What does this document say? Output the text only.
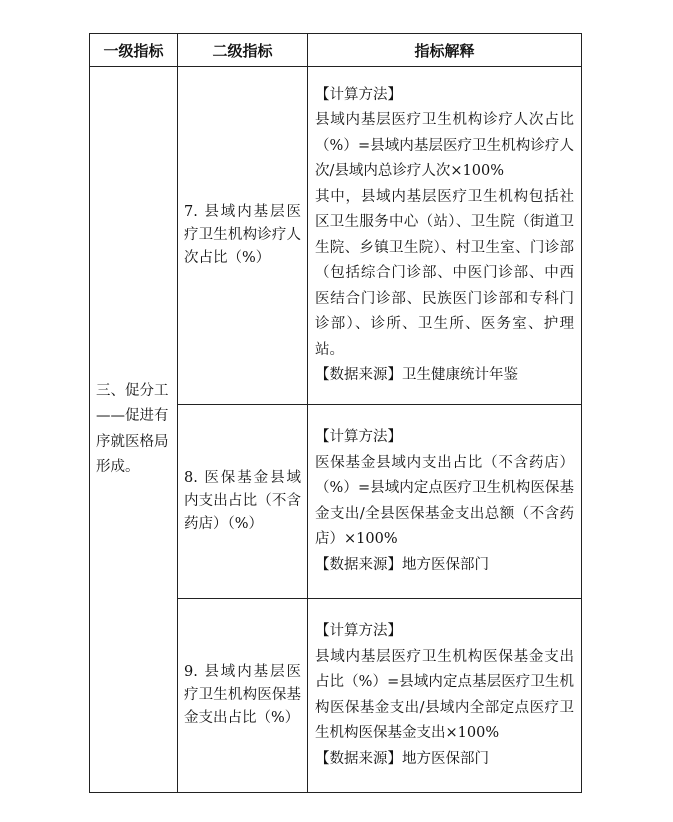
一级指标	二级指标	指标解释
三、促分工——促进有序就医格局形成。	7. 县域内基层医疗卫生机构诊疗人次占比（%）	【计算方法】
县域内基层医疗卫生机构诊疗人次占比（%）=县域内基层医疗卫生机构诊疗人次/县域内总诊疗人次×100%
其中，县域内基层医疗卫生机构包括社区卫生服务中心（站）、卫生院（街道卫生院、乡镇卫生院）、村卫生室、门诊部（包括综合门诊部、中医门诊部、中西医结合门诊部、民族医门诊部和专科门诊部）、诊所、卫生所、医务室、护理站。
【数据来源】卫生健康统计年鉴

	8. 医保基金县域内支出占比（不含药店）（%）	【计算方法】
医保基金县域内支出占比（不含药店）（%）=县域内定点医疗卫生机构医保基金支出/全县医保基金支出总额（不含药店）×100%
【数据来源】地方医保部门

	9. 县域内基层医疗卫生机构医保基金支出占比（%）	【计算方法】
县域内基层医疗卫生机构医保基金支出占比（%）=县域内定点基层医疗卫生机构医保基金支出/县域内全部定点医疗卫生机构医保基金支出×100%
【数据来源】地方医保部门
